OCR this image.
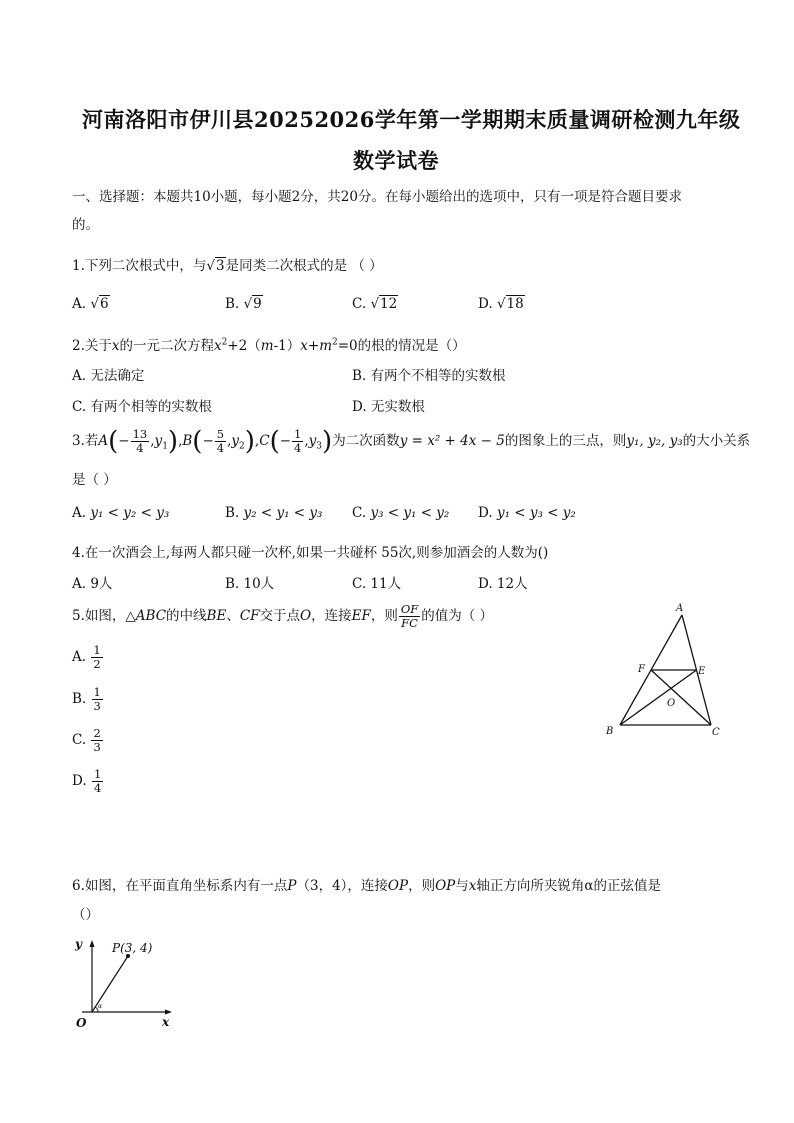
河南洛阳市伊川县20252026学年第一学期期末质量调研检测九年级
数学试卷
一、选择题：本题共10小题，每小题2分，共20分。在每小题给出的选项中，只有一项是符合题目要求
的。
1.下列二次根式中，与√3是同类二次根式的是 （ ）
A. √6	B. √9	C. √12	D. √18
2.关于x的一元二次方程$x^2+2(m-1)x+m^2=0$的根的情况是（）
A. 无法确定	B. 有两个不相等的实数根
C. 有两个相等的实数根	D. 无实数根
3.若$A(- \frac{13}{4} ,y_1),B(- \frac{5}{4} ,y_2),C(- \frac{1}{4} ,y_3)$为二次函数y = x² + 4x − 5的图象上的三点，则y₁, y₂, y₃的大小关系
是（ ）
A. y₁ < y₂ < y₃	B. y₂ < y₁ < y₃ C. y₃ < y₁ < y₂ D. y₁ < y₃ < y₂
4.在一次酒会上,每两人都只碰一次杯,如果一共碰杯 55次,则参加酒会的人数为()
A. 9人	B. 10人	C. 11人	D. 12人
5.如图，△ABC的中线BE、CF交于点O，连接EF，则 $\frac{OF}{FC}$ 的值为（ ）
A. $\frac{1}{2}$
B. $\frac{1}{3}$
C. $\frac{2}{3}$
D. $\frac{1}{4}$
A
B	C
E
F
O
6.如图，在平面直角坐标系内有一点P（3，4），连接OP，则OP与x轴正方向所夹锐角α的正弦值是
（）
y
x
O
P(3, 4)
α
